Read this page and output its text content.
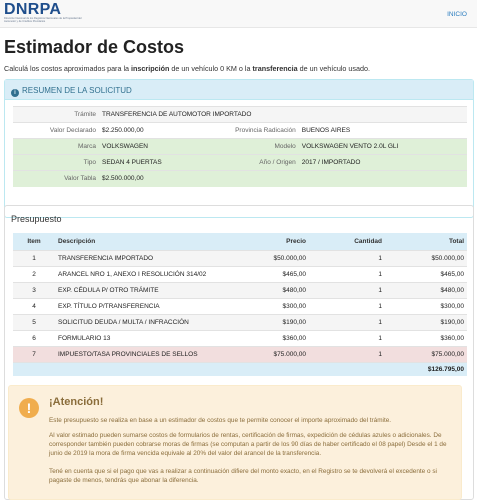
DNRPA
Dirección Nacional de los Registros Nacionales de la Propiedad del Automotor y de Créditos Prendarios
INICIO
Estimador de Costos
Calculá los costos aproximados para la inscripción de un vehículo 0 KM o la transferencia de un vehículo usado.
i RESUMEN DE LA SOLICITUD
Trámite	TRANSFERENCIA DE AUTOMOTOR IMPORTADO		
Valor Declarado	$2.250.000,00	Provincia Radicación	BUENOS AIRES
Marca	VOLKSWAGEN	Modelo	VOLKSWAGEN VENTO 2.0L GLI
Tipo	SEDAN 4 PUERTAS	Año / Origen	2017 / IMPORTADO
Valor Tabla	$2.500.000,00		
Presupuesto
Item	Descripción	Precio	Cantidad	Total
1	TRANSFERENCIA IMPORTADO	$50.000,00	1	$50.000,00
2	ARANCEL NRO 1, ANEXO I RESOLUCIÓN 314/02	$465,00	1	$465,00
3	EXP. CÉDULA P/ OTRO TRÁMITE	$480,00	1	$480,00
4	EXP. TÍTULO P/TRANSFERENCIA	$300,00	1	$300,00
5	SOLICITUD DEUDA / MULTA / INFRACCIÓN	$190,00	1	$190,00
6	FORMULARIO 13	$360,00	1	$360,00
7	IMPUESTO/TASA PROVINCIALES DE SELLOS	$75.000,00	1	$75.000,00
				$126.795,00
!	¡Atención!

Este presupuesto se realiza en base a un estimador de costos que te permite conocer el importe aproximado del trámite.

Al valor estimado pueden sumarse costos de formularios de rentas, certificación de firmas, expedición de cédulas azules o adicionales. De corresponder también pueden cobrarse moras de firmas (se computan a partir de los 90 días de haber certificado el 08 papel) Desde el 1 de junio de 2019 la mora de firma vencida equivale al 20% del valor del arancel de la transferencia.

Tené en cuenta que si el pago que vas a realizar a continuación difiere del monto exacto, en el Registro se te devolverá el excedente o si pagaste de menos, tendrás que abonar la diferencia.
